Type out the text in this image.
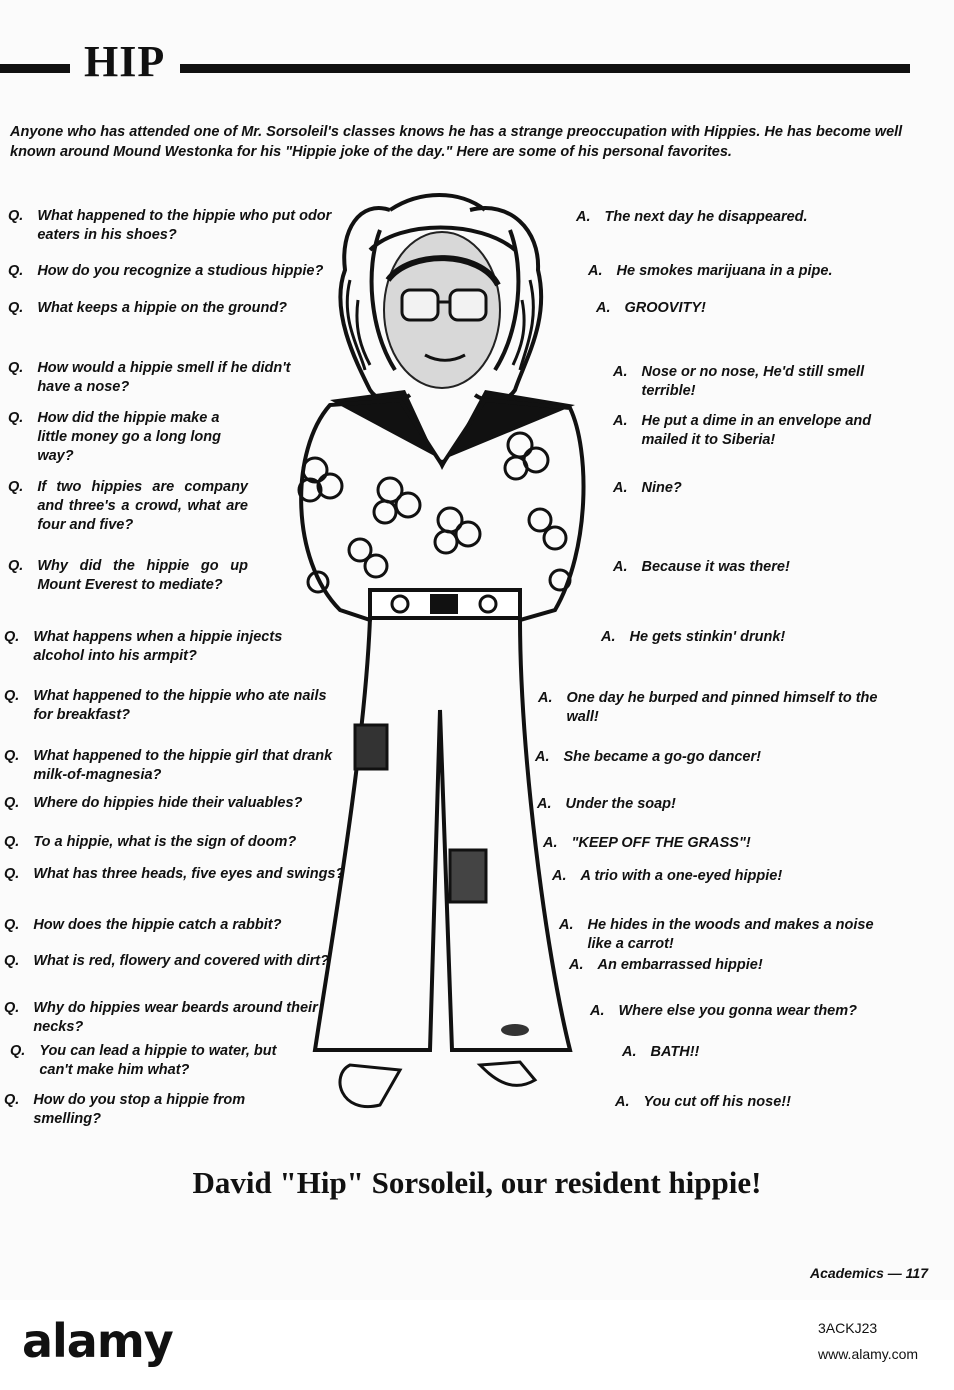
HIP
Anyone who has attended one of Mr. Sorsoleil's classes knows he has a strange preoccupation with Hippies. He has become well known around Mound Westonka for his "Hippie joke of the day." Here are some of his personal favorites.
Q. What happened to the hippie who put odor eaters in his shoes?
Q. How do you recognize a studious hippie?
Q. What keeps a hippie on the ground?
Q. How would a hippie smell if he didn't have a nose?
Q. How did the hippie make a little money go a long long way?
Q. If two hippies are company and three's a crowd, what are four and five?
Q. Why did the hippie go up Mount Everest to mediate?
Q. What happens when a hippie injects alcohol into his armpit?
Q. What happened to the hippie who ate nails for breakfast?
Q. What happened to the hippie girl that drank milk-of-magnesia?
Q. Where do hippies hide their valuables?
Q. To a hippie, what is the sign of doom?
Q. What has three heads, five eyes and swings?
Q. How does the hippie catch a rabbit?
Q. What is red, flowery and covered with dirt?
Q. Why do hippies wear beards around their necks?
Q. You can lead a hippie to water, but can't make him what?
Q. How do you stop a hippie from smelling?
A. The next day he disappeared.
A. He smokes marijuana in a pipe.
A. GROOVITY!
A. Nose or no nose, He'd still smell terrible!
A. He put a dime in an envelope and mailed it to Siberia!
A. Nine?
A. Because it was there!
A. He gets stinkin' drunk!
A. One day he burped and pinned himself to the wall!
A. She became a go-go dancer!
A. Under the soap!
A. "KEEP OFF THE GRASS"!
A. A trio with a one-eyed hippie!
A. He hides in the woods and makes a noise like a carrot!
A. An embarrassed hippie!
A. Where else you gonna wear them?
A. BATH!!
A. You cut off his nose!!
David "Hip" Sorsoleil, our resident hippie!
Academics — 117
alamy	3ACKJ23
www.alamy.com
